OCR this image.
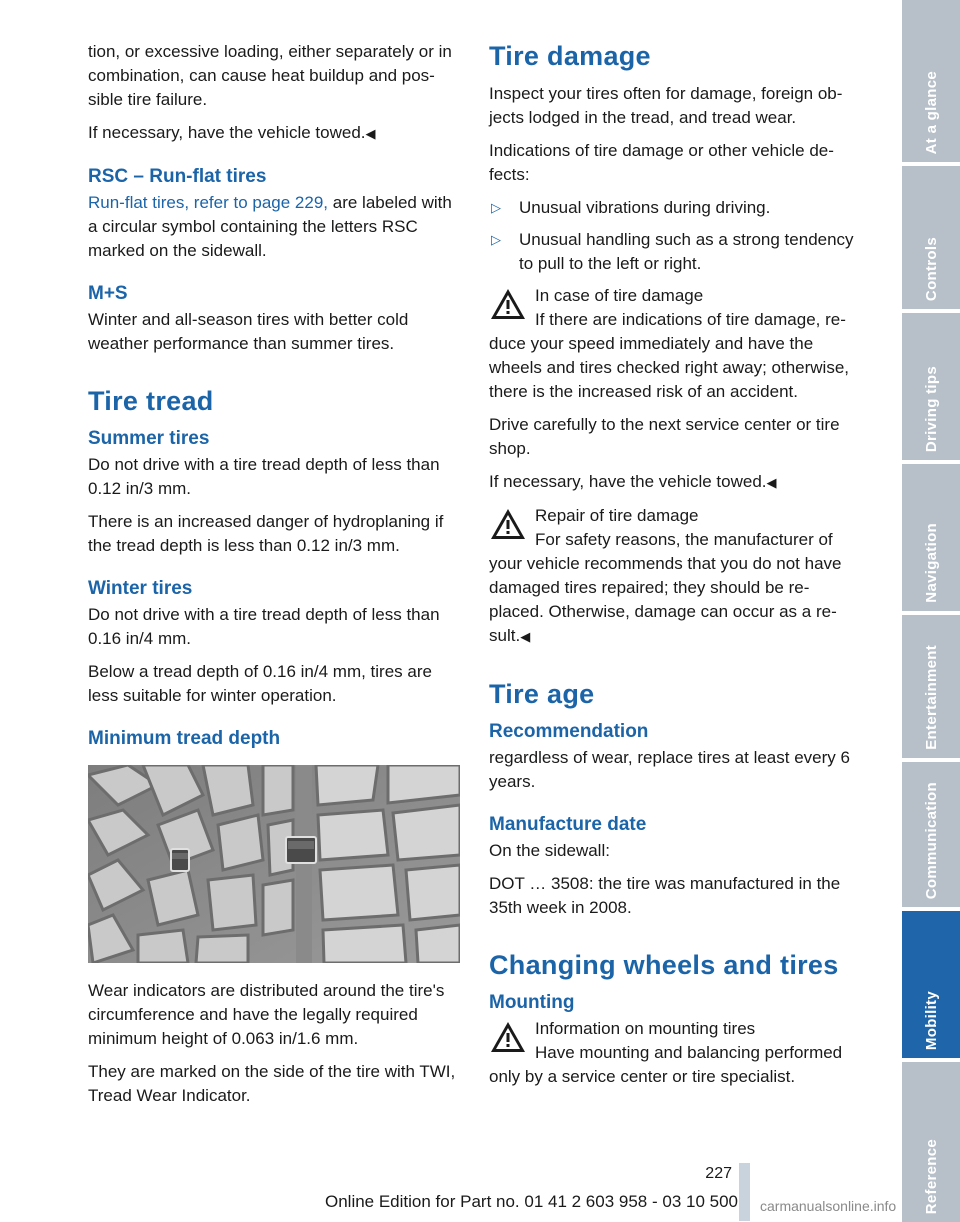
tion, or excessive loading, either separately or in combination, can cause heat buildup and pos-sible tire failure.

If necessary, have the vehicle towed.◀

RSC – Run-flat tires

Run-flat tires, refer to page 229, are labeled with a circular symbol containing the letters RSC marked on the sidewall.

M+S

Winter and all-season tires with better cold weather performance than summer tires.

Tire tread
Summer tires

Do not drive with a tire tread depth of less than 0.12 in/3 mm.

There is an increased danger of hydroplaning if the tread depth is less than 0.12 in/3 mm.

Winter tires

Do not drive with a tire tread depth of less than 0.16 in/4 mm.

Below a tread depth of 0.16 in/4 mm, tires are less suitable for winter operation.

Minimum tread depth

Wear indicators are distributed around the tire's circumference and have the legally required minimum height of 0.063 in/1.6 mm.

They are marked on the side of the tire with TWI, Tread Wear Indicator.

Tire damage

Inspect your tires often for damage, foreign ob-jects lodged in the tread, and tread wear.

Indications of tire damage or other vehicle de-fects:

▷ Unusual vibrations during driving.
▷ Unusual handling such as a strong tendency to pull to the left or right.
In case of tire damage
If there are indications of tire damage, re-
duce your speed immediately and have the wheels and tires checked right away; otherwise, there is the increased risk of an accident.

Drive carefully to the next service center or tire shop.

If necessary, have the vehicle towed.◀

Repair of tire damage
For safety reasons, the manufacturer of
your vehicle recommends that you do not have damaged tires repaired; they should be re-placed. Otherwise, damage can occur as a re-sult.◀
Tire age
Recommendation

regardless of wear, replace tires at least every 6 years.

Manufacture date

On the sidewall:

DOT … 3508: the tire was manufactured in the 35th week in 2008.

Changing wheels and tires
Mounting
Information on mounting tires
Have mounting and balancing performed
only by a service center or tire specialist.
At a glance
Controls
Driving tips
Navigation
Entertainment
Communication
Mobility
Reference
227
Online Edition for Part no. 01 41 2 603 958 - 03 10 500 carmanualsonline.info
